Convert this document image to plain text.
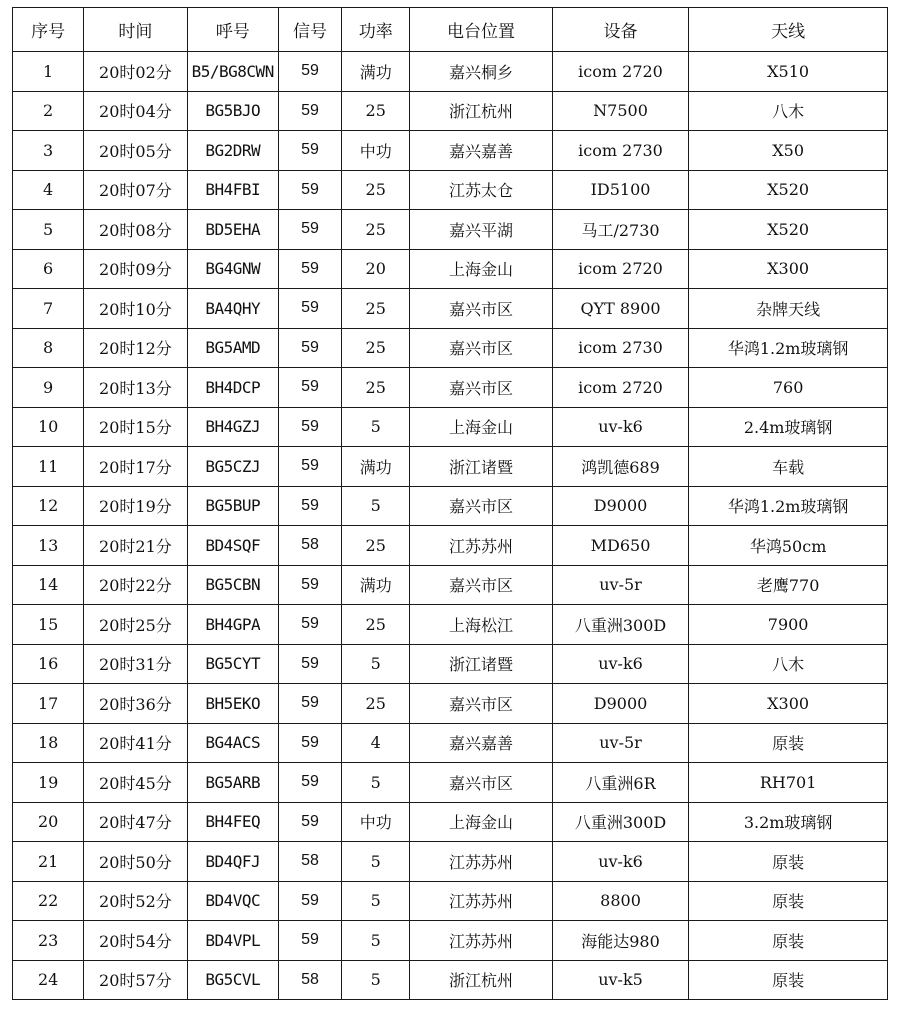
序号	时间	呼号	信号	功率	电台位置	设备	天线
1	20时02分	B5/BG8CWN	59	满功	嘉兴桐乡	icom 2720	X510
2	20时04分	BG5BJO	59	25	浙江杭州	N7500	八木
3	20时05分	BG2DRW	59	中功	嘉兴嘉善	icom 2730	X50
4	20时07分	BH4FBI	59	25	江苏太仓	ID5100	X520
5	20时08分	BD5EHA	59	25	嘉兴平湖	马工/2730	X520
6	20时09分	BG4GNW	59	20	上海金山	icom 2720	X300
7	20时10分	BA4QHY	59	25	嘉兴市区	QYT 8900	杂牌天线
8	20时12分	BG5AMD	59	25	嘉兴市区	icom 2730	华鸿1.2m玻璃钢
9	20时13分	BH4DCP	59	25	嘉兴市区	icom 2720	760
10	20时15分	BH4GZJ	59	5	上海金山	uv-k6	2.4m玻璃钢
11	20时17分	BG5CZJ	59	满功	浙江诸暨	鸿凯德689	车载
12	20时19分	BG5BUP	59	5	嘉兴市区	D9000	华鸿1.2m玻璃钢
13	20时21分	BD4SQF	58	25	江苏苏州	MD650	华鸿50cm
14	20时22分	BG5CBN	59	满功	嘉兴市区	uv-5r	老鹰770
15	20时25分	BH4GPA	59	25	上海松江	八重洲300D	7900
16	20时31分	BG5CYT	59	5	浙江诸暨	uv-k6	八木
17	20时36分	BH5EKO	59	25	嘉兴市区	D9000	X300
18	20时41分	BG4ACS	59	4	嘉兴嘉善	uv-5r	原装
19	20时45分	BG5ARB	59	5	嘉兴市区	八重洲6R	RH701
20	20时47分	BH4FEQ	59	中功	上海金山	八重洲300D	3.2m玻璃钢
21	20时50分	BD4QFJ	58	5	江苏苏州	uv-k6	原装
22	20时52分	BD4VQC	59	5	江苏苏州	8800	原装
23	20时54分	BD4VPL	59	5	江苏苏州	海能达980	原装
24	20时57分	BG5CVL	58	5	浙江杭州	uv-k5	原装
